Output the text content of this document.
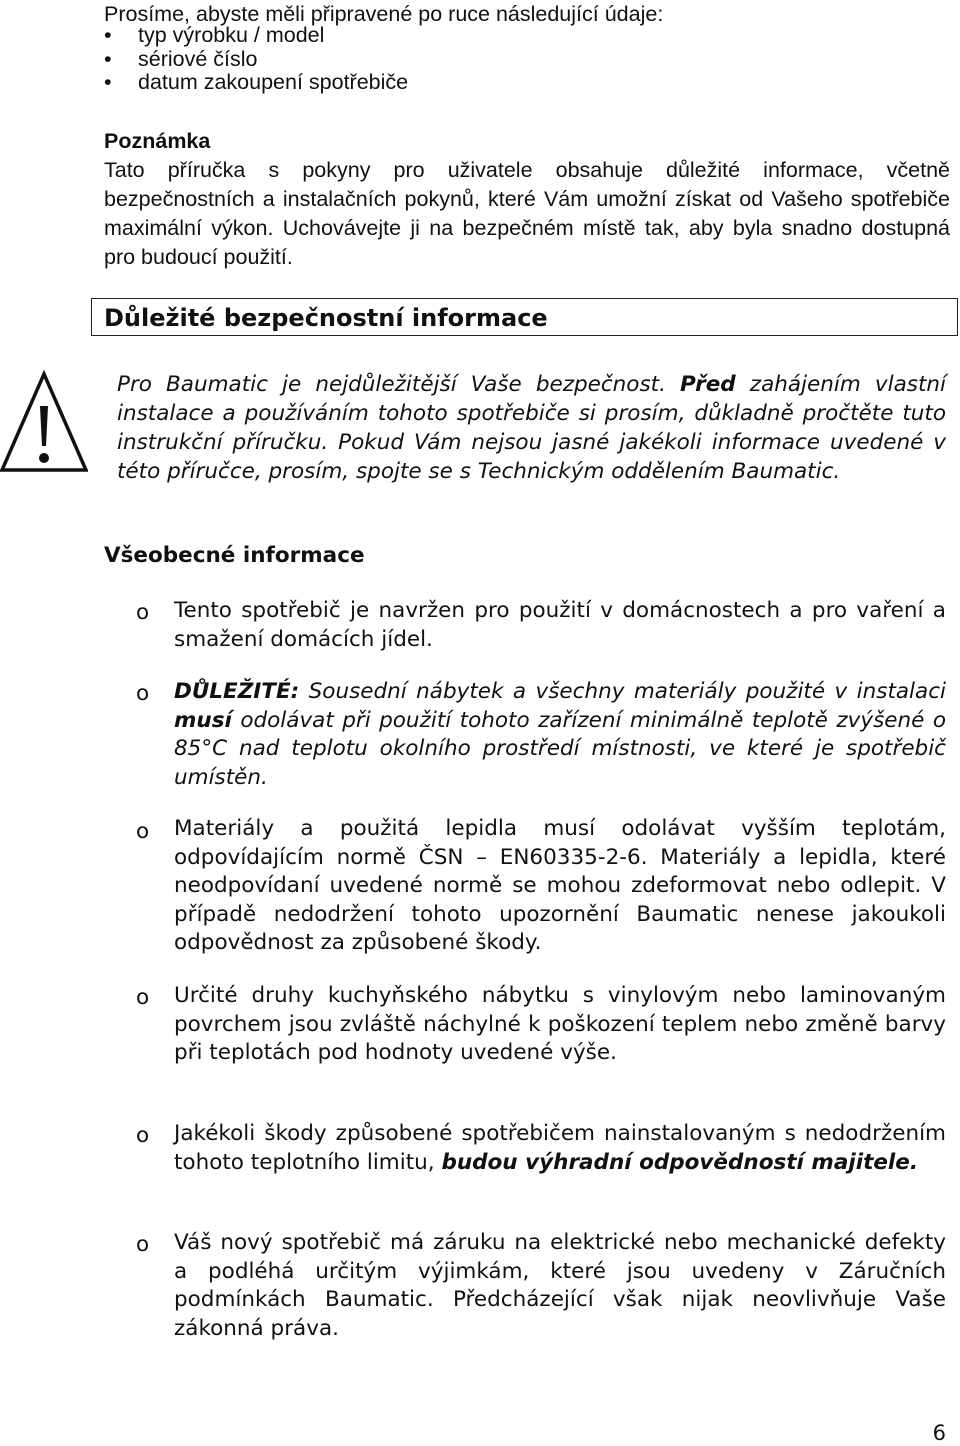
Prosíme, abyste měli připravené po ruce následující údaje:
• typ výrobku / model
• sériové číslo
• datum zakoupení spotřebiče
Poznámka
Tato příručka s pokyny pro uživatele obsahuje důležité informace, včetně bezpečnostních a instalačních pokynů, které Vám umožní získat od Vašeho spotřebiče maximální výkon. Uchovávejte ji na bezpečném místě tak, aby byla snadno dostupná pro budoucí použití.
Důležité bezpečnostní informace
Pro Baumatic je nejdůležitější Vaše bezpečnost. Před zahájením vlastní instalace a používáním tohoto spotřebiče si prosím, důkladně pročtěte tuto instrukční příručku. Pokud Vám nejsou jasné jakékoli informace uvedené v této příručce, prosím, spojte se s Technickým oddělením Baumatic.
Všeobecné informace
o	Tento spotřebič je navržen pro použití v domácnostech a pro vaření a smažení domácích jídel.
o	DŮLEŽITÉ: Sousední nábytek a všechny materiály použité v instalaci musí odolávat při použití tohoto zařízení minimálně teplotě zvýšené o 85°C nad teplotu okolního prostředí místnosti, ve které je spotřebič umístěn.
o	Materiály a použitá lepidla musí odolávat vyšším teplotám, odpovídajícím normě ČSN – EN60335-2-6. Materiály a lepidla, které neodpovídaní uvedené normě se mohou zdeformovat nebo odlepit. V případě nedodržení tohoto upozornění Baumatic nenese jakoukoli odpovědnost za způsobené škody.
o	Určité druhy kuchyňského nábytku s vinylovým nebo laminovaným povrchem jsou zvláště náchylné k poškození teplem nebo změně barvy při teplotách pod hodnoty uvedené výše.
o	Jakékoli škody způsobené spotřebičem nainstalovaným s nedodržením tohoto teplotního limitu, budou výhradní odpovědností majitele.
o	Váš nový spotřebič má záruku na elektrické nebo mechanické defekty a podléhá určitým výjimkám, které jsou uvedeny v Záručních podmínkách Baumatic. Předcházející však nijak neovlivňuje Vaše zákonná práva.
6
